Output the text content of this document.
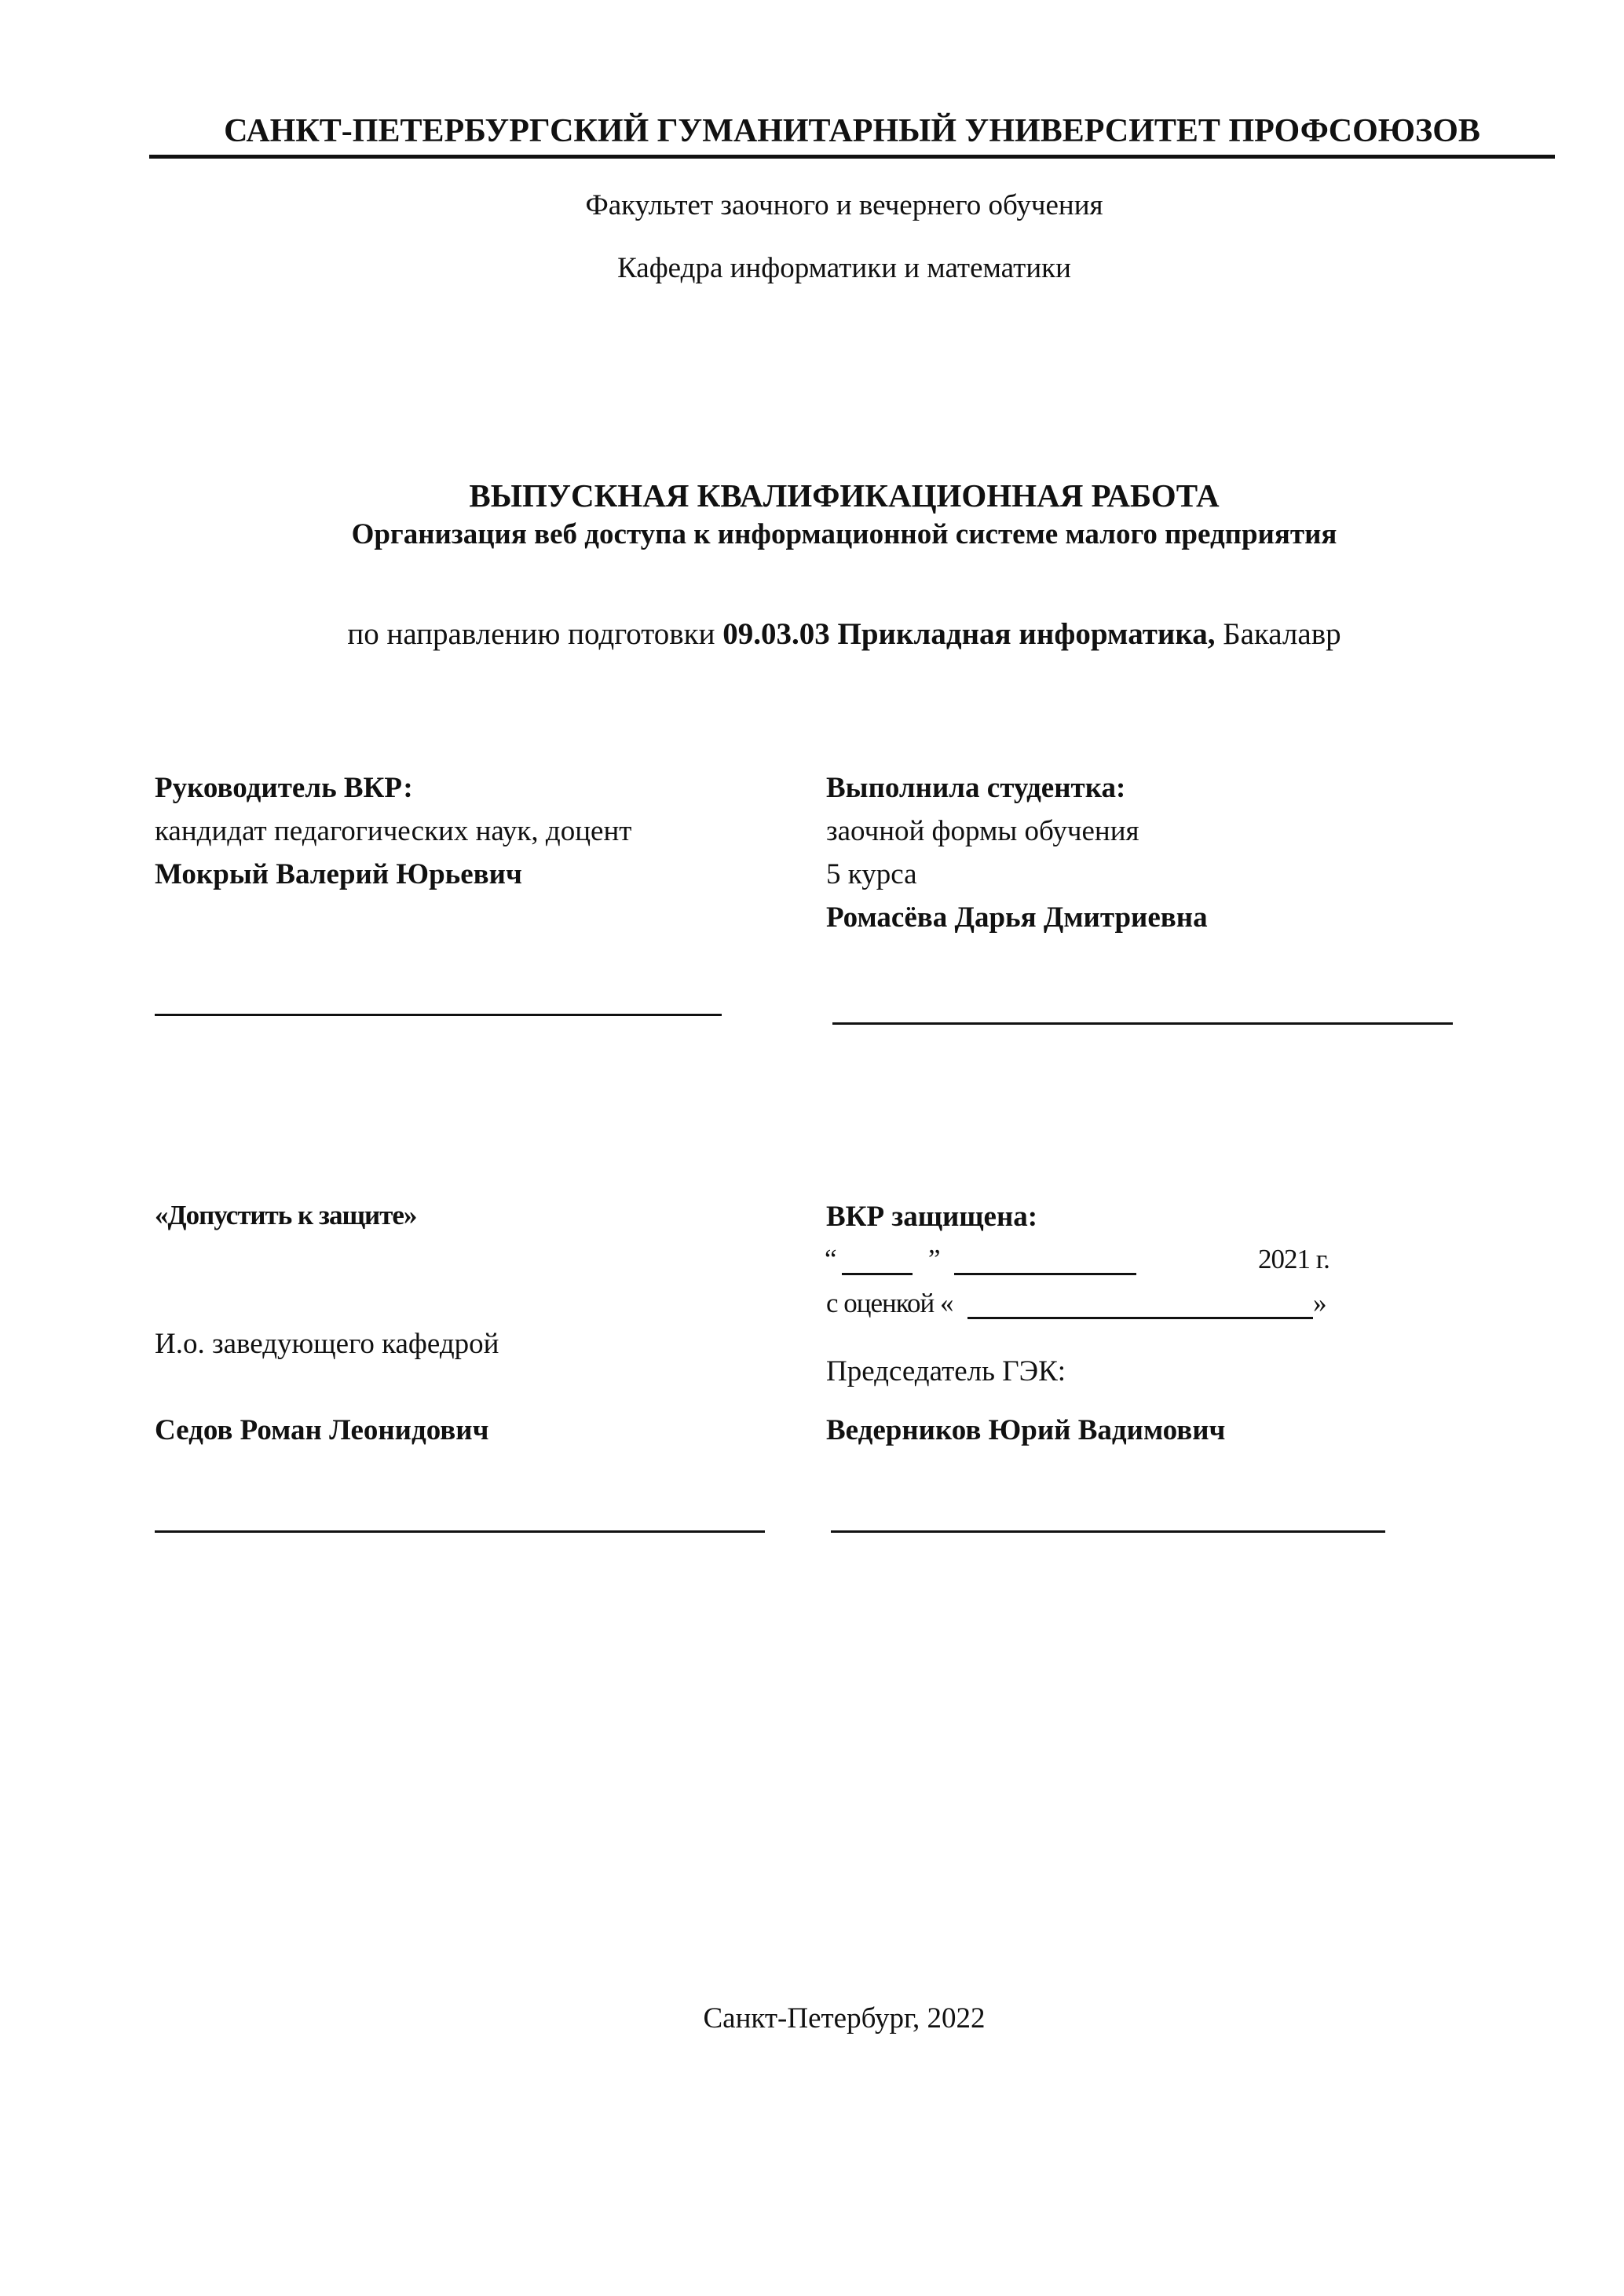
САНКТ-ПЕТЕРБУРГСКИЙ ГУМАНИТАРНЫЙ УНИВЕРСИТЕТ ПРОФСОЮЗОВ
Факультет заочного и вечернего обучения
Кафедра информатики и математики
ВЫПУСКНАЯ КВАЛИФИКАЦИОННАЯ РАБОТА
Организация веб доступа к информационной системе малого предприятия
по направлению подготовки 09.03.03 Прикладная информатика, Бакалавр
Руководитель ВКР:
кандидат педагогических наук, доцент
Мокрый Валерий Юрьевич
Выполнила студентка:
заочной формы обучения
5 курса
Ромасёва Дарья Дмитриевна
«Допустить к защите»
И.о. заведующего кафедрой
Седов Роман Леонидович
ВКР защищена:
“	”	2021 г.
с оценкой «	»
Председатель ГЭК:
Ведерников Юрий Вадимович
Санкт-Петербург, 2022
